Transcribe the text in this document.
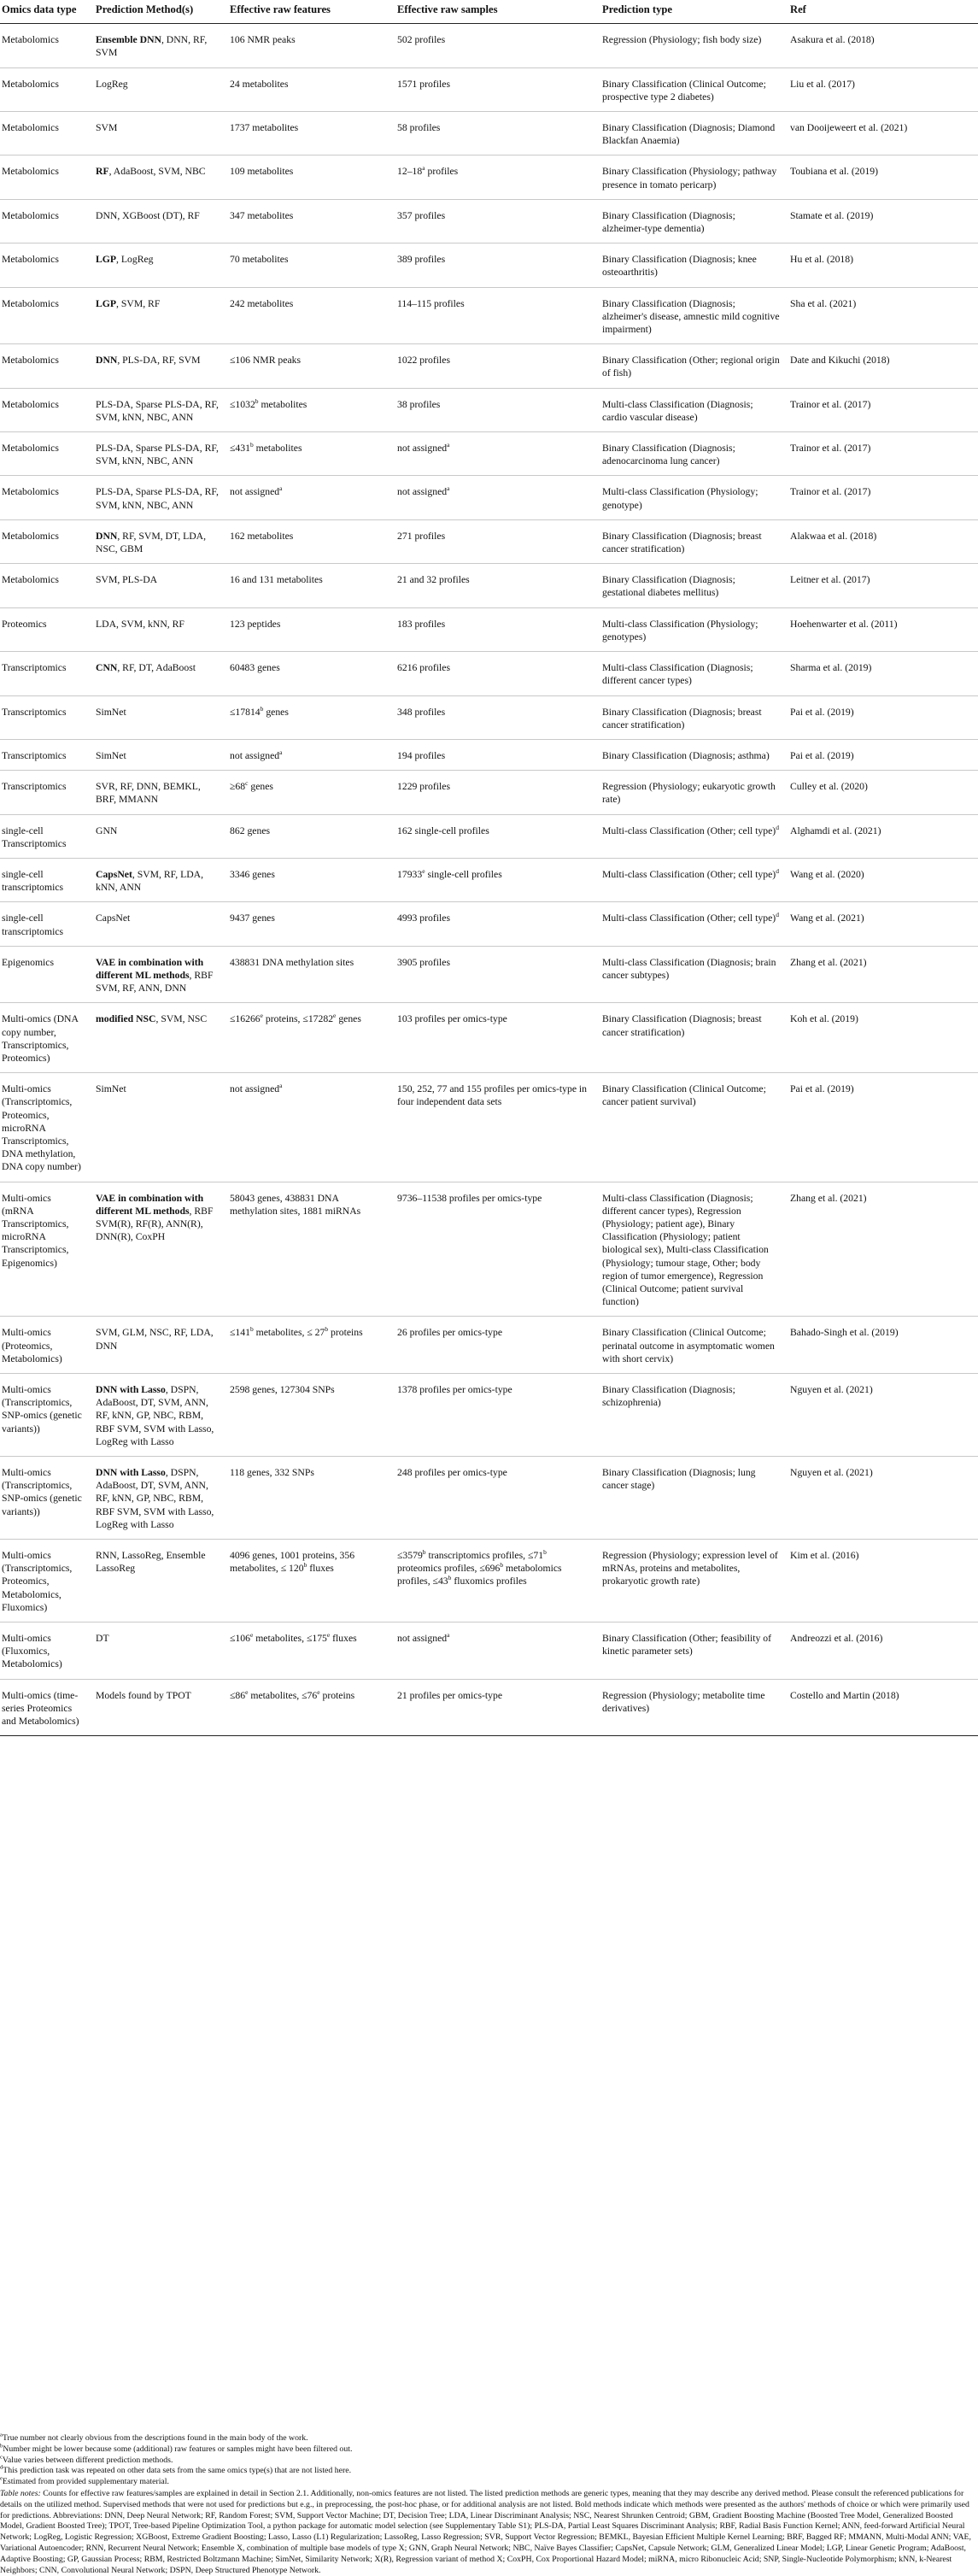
Omics data type	Prediction Method(s)	Effective raw features	Effective raw samples	Prediction type	Ref
Metabolomics	Ensemble DNN, DNN, RF, SVM	106 NMR peaks	502 profiles	Regression (Physiology; fish body size)	Asakura et al. (2018)
Metabolomics	LogReg	24 metabolites	1571 profiles	Binary Classification (Clinical Outcome; prospective type 2 diabetes)	Liu et al. (2017)
Metabolomics	SVM	1737 metabolites	58 profiles	Binary Classification (Diagnosis; Diamond Blackfan Anaemia)	van Dooijeweert et al. (2021)
Metabolomics	RF, AdaBoost, SVM, NBC	109 metabolites	12–18$^a$ profiles	Binary Classification (Physiology; pathway presence in tomato pericarp)	Toubiana et al. (2019)
Metabolomics	DNN, XGBoost (DT), RF	347 metabolites	357 profiles	Binary Classification (Diagnosis; alzheimer-type dementia)	Stamate et al. (2019)
Metabolomics	LGP, LogReg	70 metabolites	389 profiles	Binary Classification (Diagnosis; knee osteoarthritis)	Hu et al. (2018)
Metabolomics	LGP, SVM, RF	242 metabolites	114–115 profiles	Binary Classification (Diagnosis; alzheimer's disease, amnestic mild cognitive impairment)	Sha et al. (2021)
Metabolomics	DNN, PLS-DA, RF, SVM	≤106 NMR peaks	1022 profiles	Binary Classification (Other; regional origin of fish)	Date and Kikuchi (2018)
Metabolomics	PLS-DA, Sparse PLS-DA, RF, SVM, kNN, NBC, ANN	$\le 1032^b$ metabolites	38 profiles	Multi-class Classification (Diagnosis; cardio vascular disease)	Trainor et al. (2017)
Metabolomics	PLS-DA, Sparse PLS-DA, RF, SVM, kNN, NBC, ANN	$\le 431^b$ metabolites	not assigned$^a$	Binary Classification (Diagnosis; adenocarcinoma lung cancer)	Trainor et al. (2017)
Metabolomics	PLS-DA, Sparse PLS-DA, RF, SVM, kNN, NBC, ANN	not assigned$^a$	not assigned$^a$	Multi-class Classification (Physiology; genotype)	Trainor et al. (2017)
Metabolomics	DNN, RF, SVM, DT, LDA, NSC, GBM	162 metabolites	271 profiles	Binary Classification (Diagnosis; breast cancer stratification)	Alakwaa et al. (2018)
Metabolomics	SVM, PLS-DA	16 and 131 metabolites	21 and 32 profiles	Binary Classification (Diagnosis; gestational diabetes mellitus)	Leitner et al. (2017)
Proteomics	LDA, SVM, kNN, RF	123 peptides	183 profiles	Multi-class Classification (Physiology; genotypes)	Hoehenwarter et al. (2011)
Transcriptomics	CNN, RF, DT, AdaBoost	60483 genes	6216 profiles	Multi-class Classification (Diagnosis; different cancer types)	Sharma et al. (2019)
Transcriptomics	SimNet	$\le 17814^b$ genes	348 profiles	Binary Classification (Diagnosis; breast cancer stratification)	Pai et al. (2019)
Transcriptomics	SimNet	not assigned$^a$	194 profiles	Binary Classification (Diagnosis; asthma)	Pai et al. (2019)
Transcriptomics	SVR, RF, DNN, BEMKL, BRF, MMANN	$\ge 68^c$ genes	1229 profiles	Regression (Physiology; eukaryotic growth rate)	Culley et al. (2020)
single-cell Transcriptomics	GNN	862 genes	162 single-cell profiles	Multi-class Classification (Other; cell type)$^d$	Alghamdi et al. (2021)
single-cell transcriptomics	CapsNet, SVM, RF, LDA, kNN, ANN	3346 genes	17933e single-cell profiles	Multi-class Classification (Other; cell type)$^d$	Wang et al. (2020)
single-cell transcriptomics	CapsNet	9437 genes	4993 profiles	Multi-class Classification (Other; cell type)$^d$	Wang et al. (2021)
Epigenomics	VAE in combination with different ML methods, RBF SVM, RF, ANN, DNN	438831 DNA methylation sites	3905 profiles	Multi-class Classification (Diagnosis; brain cancer subtypes)	Zhang et al. (2021)
Multi-omics (DNA copy number, Transcriptomics, Proteomics)	modified NSC, SVM, NSC	$\le 16266^e$ proteins, $\le 17282^e$ genes	103 profiles per omics-type	Binary Classification (Diagnosis; breast cancer stratification)	Koh et al. (2019)
Multi-omics (Transcriptomics, Proteomics, microRNA Transcriptomics, DNA methylation, DNA copy number)	SimNet	not assigned$^a$	150, 252, 77 and 155 profiles per omics-type in four independent data sets	Binary Classification (Clinical Outcome; cancer patient survival)	Pai et al. (2019)
Multi-omics (mRNA Transcriptomics, microRNA Transcriptomics, Epigenomics)	VAE in combination with different ML methods, RBF SVM(R), RF(R), ANN(R), DNN(R), CoxPH	58043 genes, 438831 DNA methylation sites, 1881 miRNAs	9736–11538 profiles per omics-type	Multi-class Classification (Diagnosis; different cancer types), Regression (Physiology; patient age), Binary Classification (Physiology; patient biological sex), Multi-class Classification (Physiology; tumour stage, Other; body region of tumor emergence), Regression (Clinical Outcome; patient survival function)	Zhang et al. (2021)
Multi-omics (Proteomics, Metabolomics)	SVM, GLM, NSC, RF, LDA, DNN	$\le 141^b$ metabolites, ≤ $27^b$ proteins	26 profiles per omics-type	Binary Classification (Clinical Outcome; perinatal outcome in asymptomatic women with short cervix)	Bahado-Singh et al. (2019)
Multi-omics (Transcriptomics, SNP-omics (genetic variants))	DNN with Lasso, DSPN, AdaBoost, DT, SVM, ANN, RF, kNN, GP, NBC, RBM, RBF SVM, SVM with Lasso, LogReg with Lasso	2598 genes, 127304 SNPs	1378 profiles per omics-type	Binary Classification (Diagnosis; schizophrenia)	Nguyen et al. (2021)
Multi-omics (Transcriptomics, SNP-omics (genetic variants))	DNN with Lasso, DSPN, AdaBoost, DT, SVM, ANN, RF, kNN, GP, NBC, RBM, RBF SVM, SVM with Lasso, LogReg with Lasso	118 genes, 332 SNPs	248 profiles per omics-type	Binary Classification (Diagnosis; lung cancer stage)	Nguyen et al. (2021)
Multi-omics (Transcriptomics, Proteomics, Metabolomics, Fluxomics)	RNN, LassoReg, Ensemble LassoReg	4096 genes, 1001 proteins, 356 metabolites, ≤ $120^b$ fluxes	$\le 3579^b$ transcriptomics profiles, $\le 71^b$ proteomics profiles, $\le 696^b$ metabolomics profiles, $\le 43^b$ fluxomics profiles	Regression (Physiology; expression level of mRNAs, proteins and metabolites, prokaryotic growth rate)	Kim et al. (2016)
Multi-omics (Fluxomics, Metabolomics)	DT	$\le 106^e$ metabolites, $\le 175^e$ fluxes	not assigned$^a$	Binary Classification (Other; feasibility of kinetic parameter sets)	Andreozzi et al. (2016)
Multi-omics (time-series Proteomics and Metabolomics)	Models found by TPOT	$\le 86^e$ metabolites, $\le 76^e$ proteins	21 profiles per omics-type	Regression (Physiology; metabolite time derivatives)	Costello and Martin (2018)

$^a$True number not clearly obvious from the descriptions found in the main body of the work.

$^b$Number might be lower because some (additional) raw features or samples might have been filtered out.

$^c$Value varies between different prediction methods.

$^d$This prediction task was repeated on other data sets from the same omics type(s) that are not listed here.

$^e$Estimated from provided supplementary material.

Table notes: Counts for effective raw features/samples are explained in detail in Section 2.1. Additionally, non-omics features are not listed. The listed prediction methods are generic types, meaning that they may describe any derived method. Please consult the referenced publications for details on the utilized method. Supervised methods that were not used for predictions but e.g., in preprocessing, the post-hoc phase, or for additional analysis are not listed. Bold methods indicate which methods were presented as the authors' methods of choice or which were primarily used for predictions. Abbreviations: DNN, Deep Neural Network; RF, Random Forest; SVM, Support Vector Machine; DT, Decision Tree; LDA, Linear Discriminant Analysis; NSC, Nearest Shrunken Centroid; GBM, Gradient Boosting Machine (Boosted Tree Model, Generalized Boosted Model, Gradient Boosted Tree); TPOT, Tree-based Pipeline Optimization Tool, a python package for automatic model selection (see Supplementary Table S1); PLS-DA, Partial Least Squares Discriminant Analysis; RBF, Radial Basis Function Kernel; ANN, feed-forward Artificial Neural Network; LogReg, Logistic Regression; XGBoost, Extreme Gradient Boosting; Lasso, Lasso (L1) Regularization; LassoReg, Lasso Regression; SVR, Support Vector Regression; BEMKL, Bayesian Efficient Multiple Kernel Learning; BRF, Bagged RF; MMANN, Multi-Modal ANN; VAE, Variational Autoencoder; RNN, Recurrent Neural Network; Ensemble X, combination of multiple base models of type X; GNN, Graph Neural Network; NBC, Naïve Bayes Classifier; CapsNet, Capsule Network; GLM, Generalized Linear Model; LGP, Linear Genetic Program; AdaBoost, Adaptive Boosting; GP, Gaussian Process; RBM, Restricted Boltzmann Machine; SimNet, Similarity Network; X(R), Regression variant of method X; CoxPH, Cox Proportional Hazard Model; miRNA, micro Ribonucleic Acid; SNP, Single-Nucleotide Polymorphism; kNN, k-Nearest Neighbors; CNN, Convolutional Neural Network; DSPN, Deep Structured Phenotype Network.
